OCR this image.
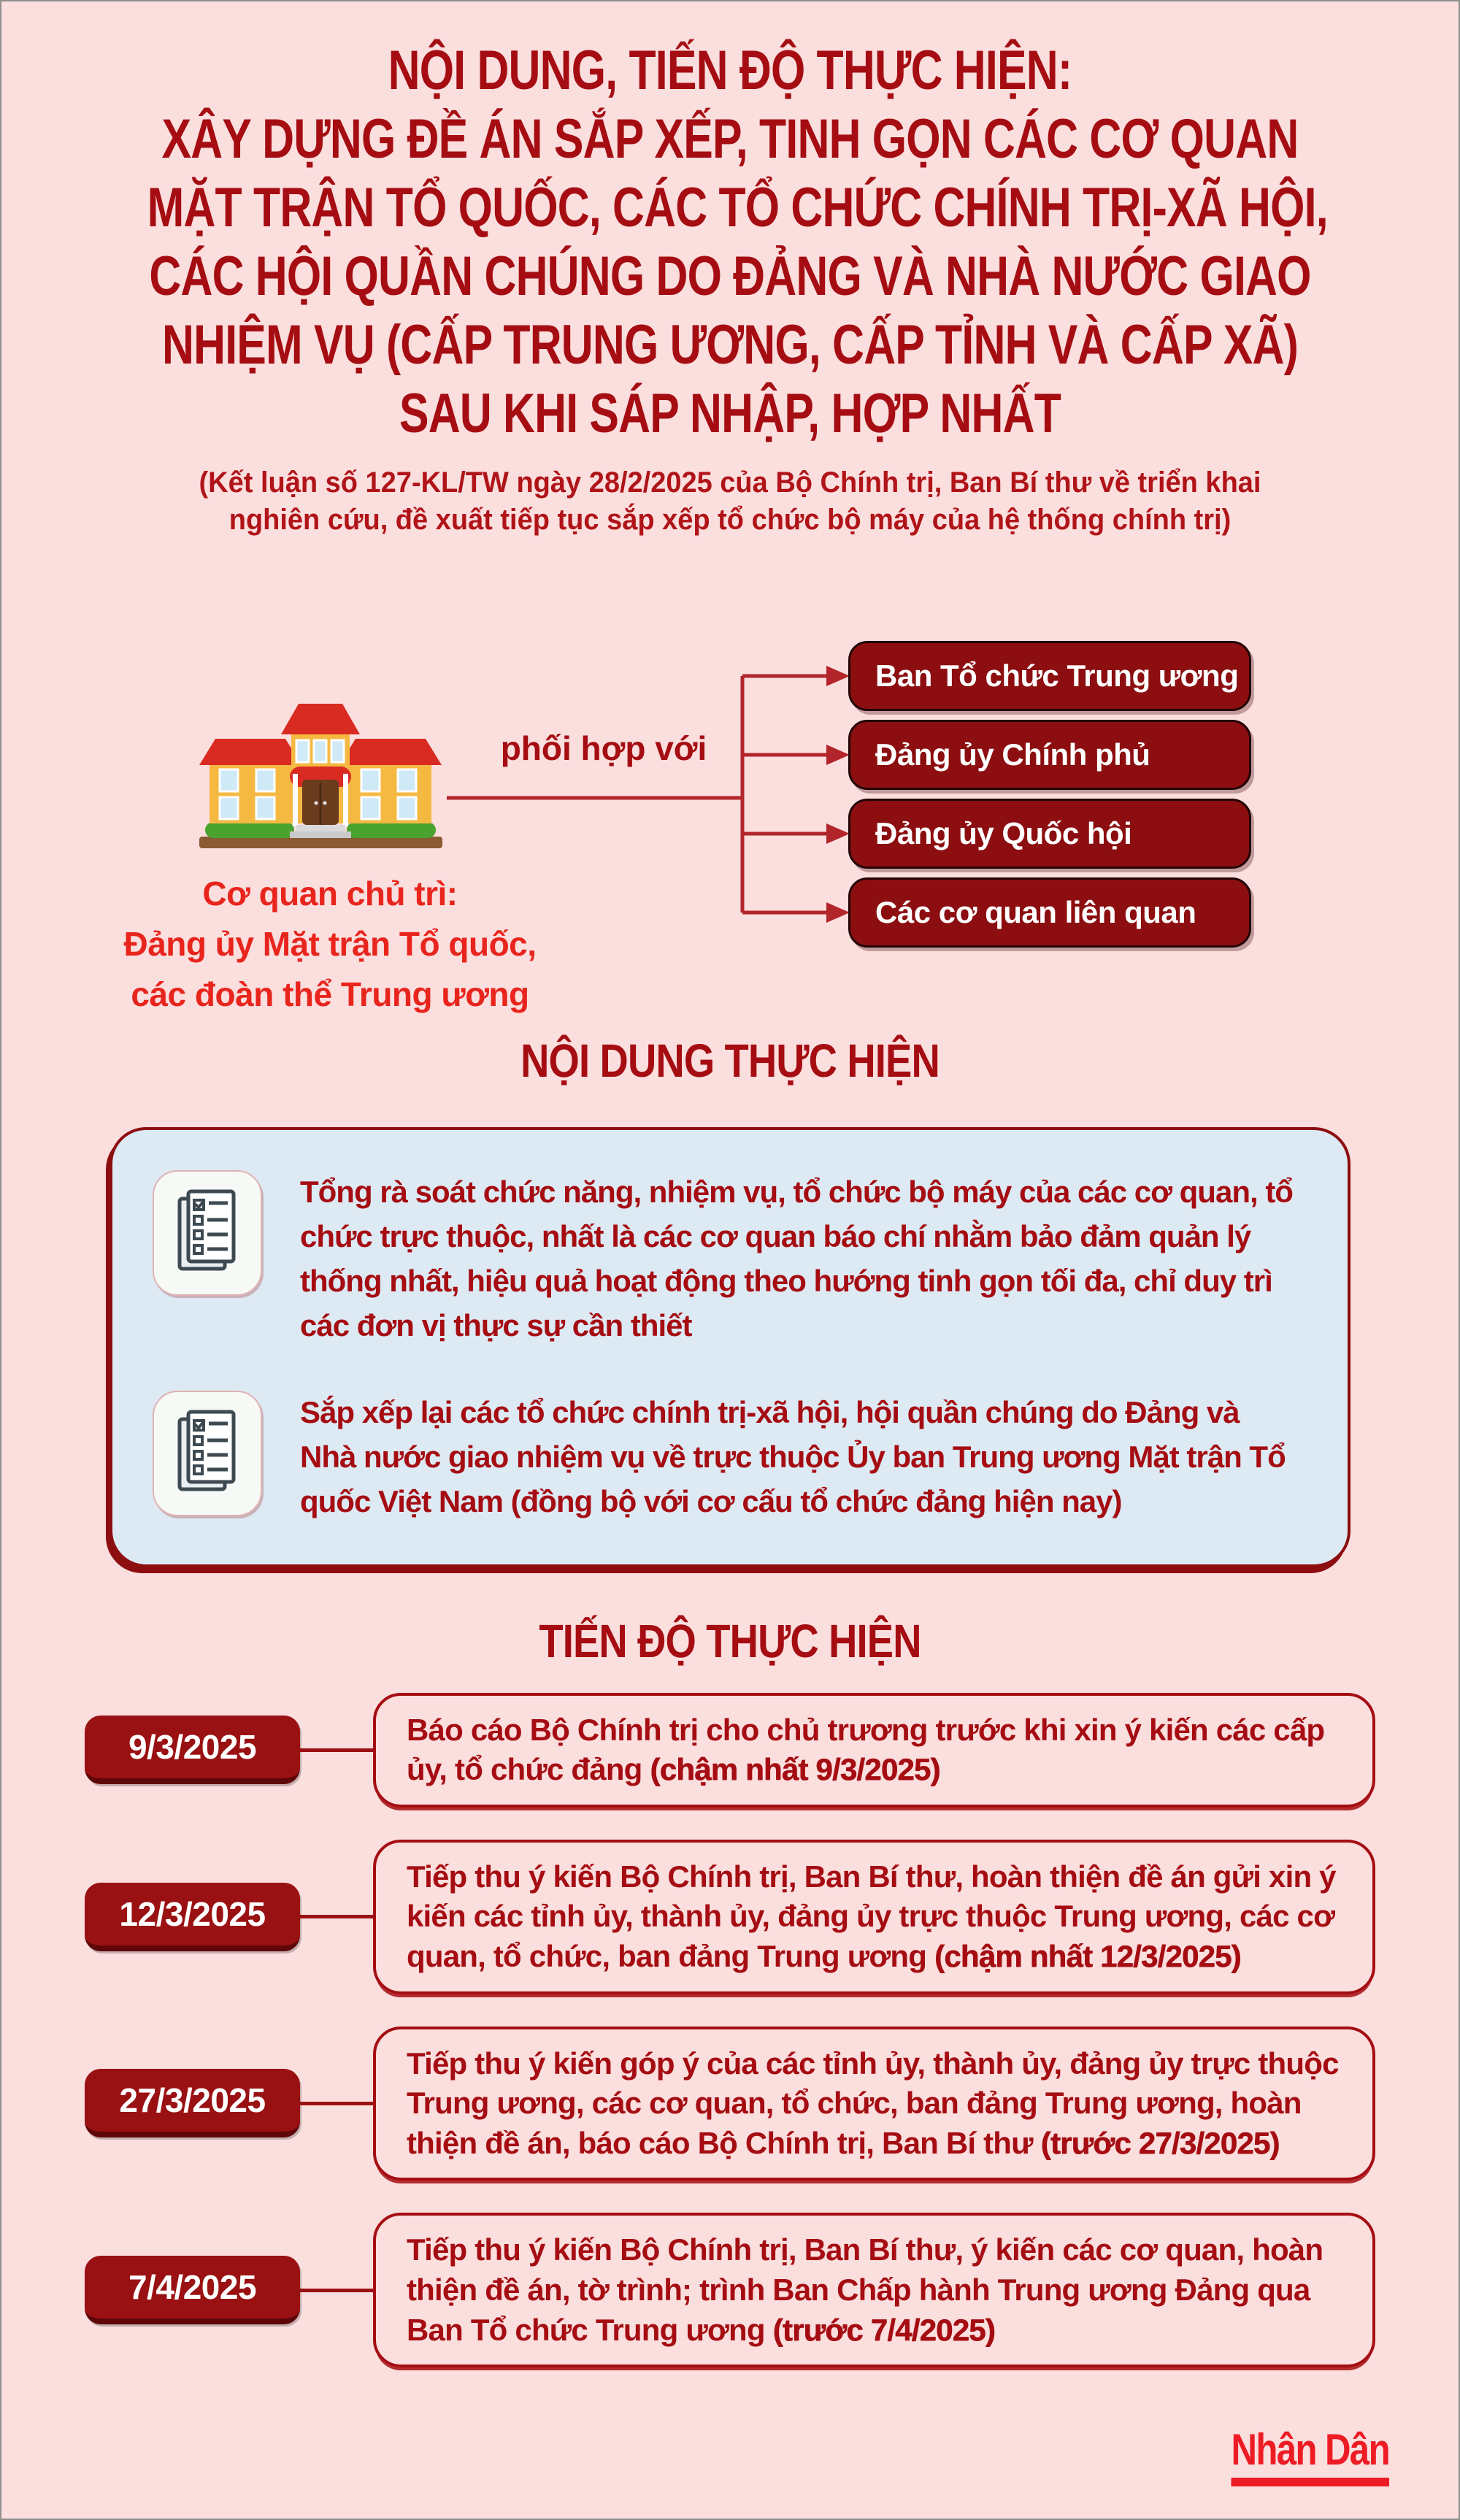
NỘI DUNG, TIẾN ĐỘ THỰC HIỆN:
XÂY DỰNG ĐỀ ÁN SẮP XẾP, TINH GỌN CÁC CƠ QUAN
MẶT TRẬN TỔ QUỐC, CÁC TỔ CHỨC CHÍNH TRỊ-XÃ HỘI,
CÁC HỘI QUẦN CHÚNG DO ĐẢNG VÀ NHÀ NƯỚC GIAO
NHIỆM VỤ (CẤP TRUNG ƯƠNG, CẤP TỈNH VÀ CẤP XÃ)
SAU KHI SÁP NHẬP, HỢP NHẤT

(Kết luận số 127-KL/TW ngày 28/2/2025 của Bộ Chính trị, Ban Bí thư về triển khai nghiên cứu, đề xuất tiếp tục sắp xếp tổ chức bộ máy của hệ thống chính trị)

Cơ quan chủ trì:
Đảng ủy Mặt trận Tổ quốc,
các đoàn thể Trung ương
phối hợp với
Ban Tổ chức Trung ương
Đảng ủy Chính phủ
Đảng ủy Quốc hội
Các cơ quan liên quan
NỘI DUNG THỰC HIỆN

Tổng rà soát chức năng, nhiệm vụ, tổ chức bộ máy của các cơ quan, tổ chức trực thuộc, nhất là các cơ quan báo chí nhằm bảo đảm quản lý thống nhất, hiệu quả hoạt động theo hướng tinh gọn tối đa, chỉ duy trì các đơn vị thực sự cần thiết

Sắp xếp lại các tổ chức chính trị-xã hội, hội quần chúng do Đảng và Nhà nước giao nhiệm vụ về trực thuộc Ủy ban Trung ương Mặt trận Tổ quốc Việt Nam (đồng bộ với cơ cấu tổ chức đảng hiện nay)

TIẾN ĐỘ THỰC HIỆN
9/3/2025	Báo cáo Bộ Chính trị cho chủ trương trước khi xin ý kiến các cấp ủy, tổ chức đảng (chậm nhất 9/3/2025)
12/3/2025
Tiếp thu ý kiến Bộ Chính trị, Ban Bí thư, hoàn thiện đề án gửi xin ý kiến các tỉnh ủy, thành ủy, đảng ủy trực thuộc Trung ương, các cơ quan, tổ chức, ban đảng Trung ương (chậm nhất 12/3/2025)
27/3/2025
Tiếp thu ý kiến góp ý của các tỉnh ủy, thành ủy, đảng ủy trực thuộc Trung ương, các cơ quan, tổ chức, ban đảng Trung ương, hoàn thiện đề án, báo cáo Bộ Chính trị, Ban Bí thư (trước 27/3/2025)
7/4/2025
Tiếp thu ý kiến Bộ Chính trị, Ban Bí thư, ý kiến các cơ quan, hoàn thiện đề án, tờ trình; trình Ban Chấp hành Trung ương Đảng qua Ban Tổ chức Trung ương (trước 7/4/2025)
Nhân Dân
